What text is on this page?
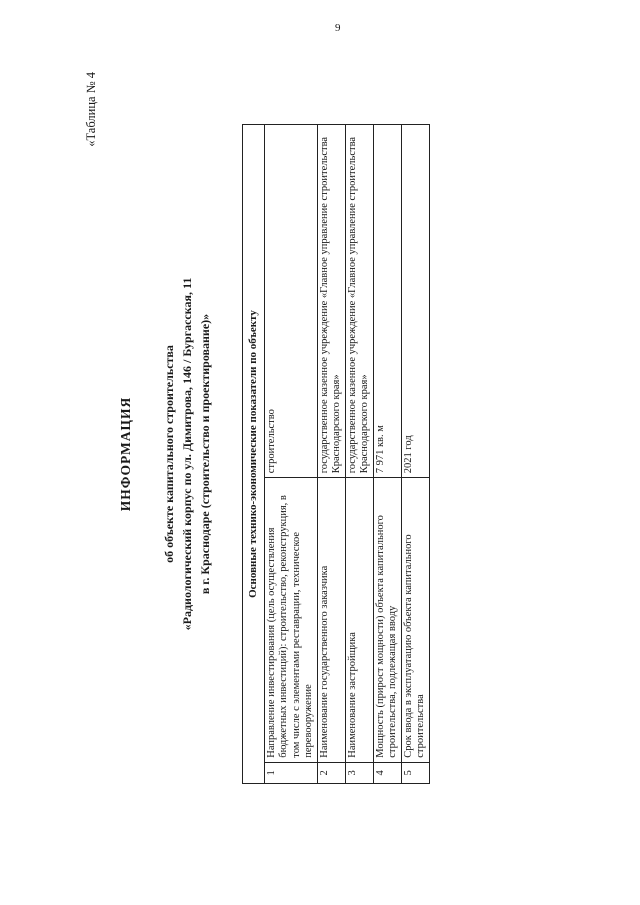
9
«Таблица № 4
ИНФОРМАЦИЯ об объекте капитального строительства «Радиологический корпус по ул. Димитрова, 146 / Бургасская, 11 в г. Краснодаре (строительство и проектирование)»	Основные технико-экономические показатели по объекту		
1	Направление инвестирования (цель осуществления бюджетных инвестиций): строительство, реконструкция, в том числе с элементами реставрации, техническое перевооружение	строительство
2	Наименование государственного заказчика	государственное казенное учреждение «Главное управление строительства Краснодарского края»
3	Наименование застройщика	государственное казенное учреждение «Главное управление строительства Краснодарского края»
4	Мощность (прирост мощности) объекта капитального строительства, подлежащая вводу	7 971 кв. м
5	Срок ввода в эксплуатацию объекта капитального строительства	2021 год
